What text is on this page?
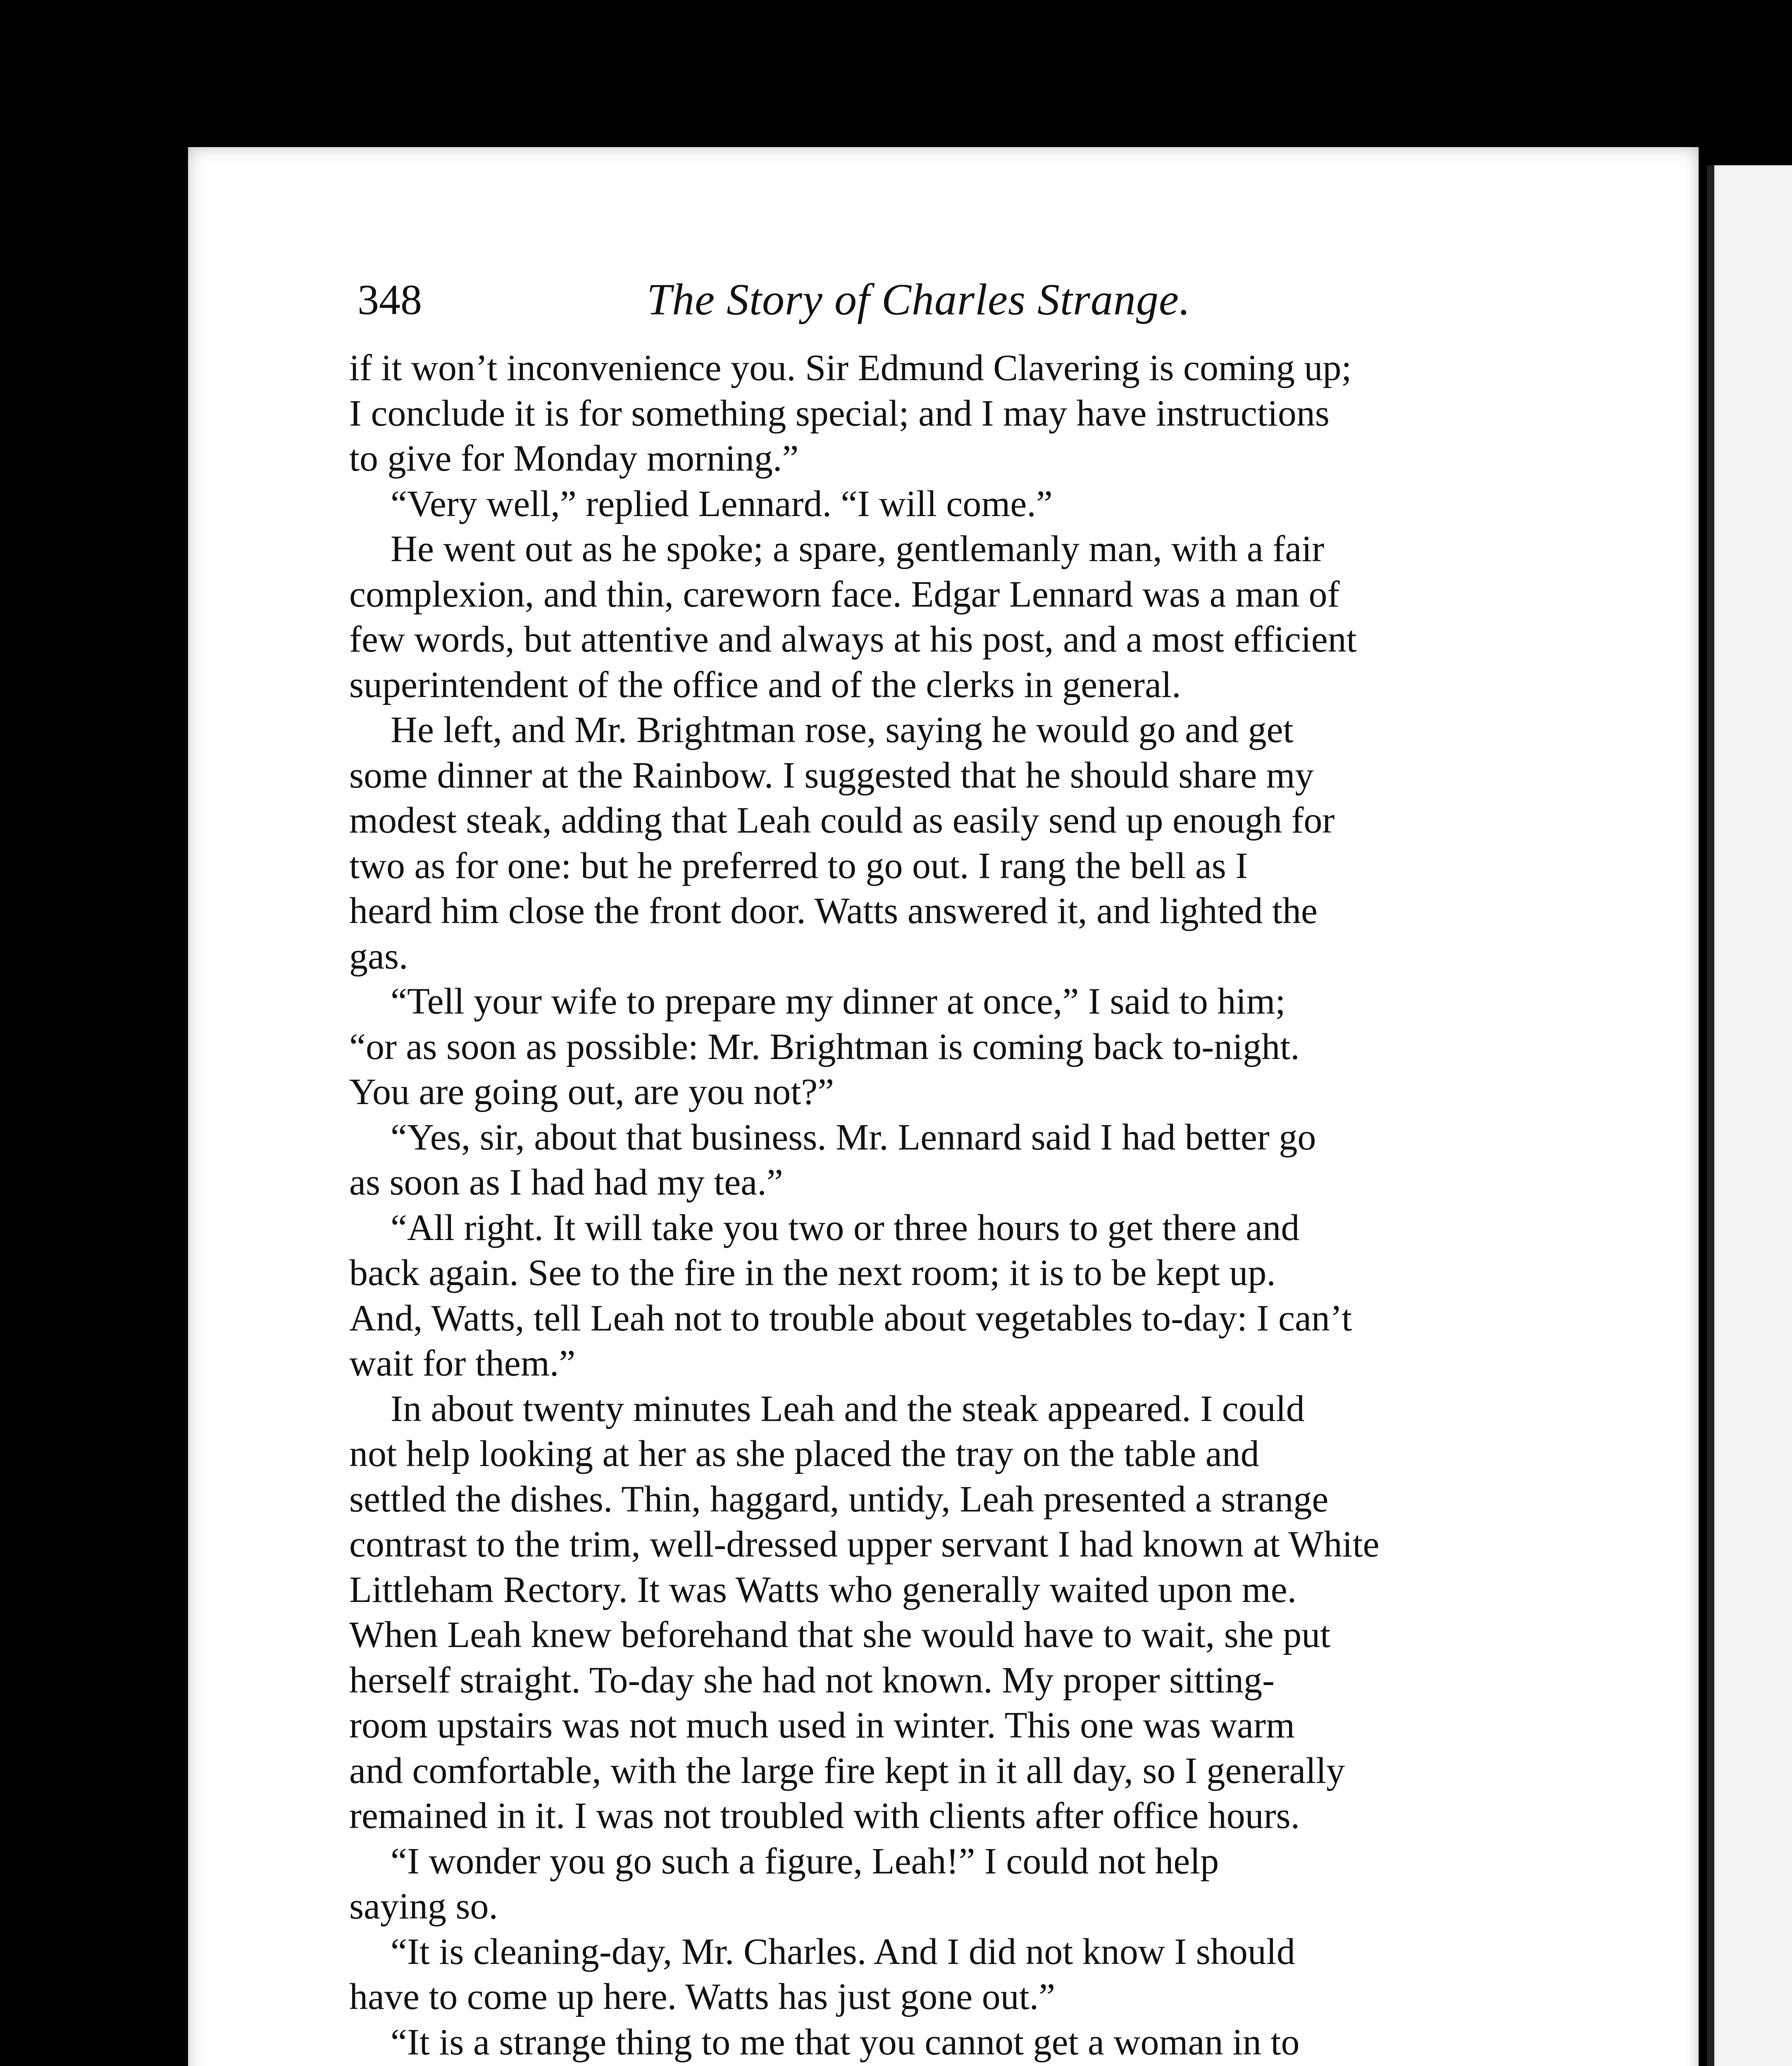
348	The Story of Charles Strange.

if it won’t inconvenience you. Sir Edmund Clavering is coming up;

I conclude it is for something special; and I may have instructions

to give for Monday morning.”

“Very well,” replied Lennard. “I will come.”

He went out as he spoke; a spare, gentlemanly man, with a fair

complexion, and thin, careworn face. Edgar Lennard was a man of

few words, but attentive and always at his post, and a most efficient

superintendent of the office and of the clerks in general.

He left, and Mr. Brightman rose, saying he would go and get

some dinner at the Rainbow. I suggested that he should share my

modest steak, adding that Leah could as easily send up enough for

two as for one: but he preferred to go out. I rang the bell as I

heard him close the front door. Watts answered it, and lighted the

gas.

“Tell your wife to prepare my dinner at once,” I said to him;

“or as soon as possible: Mr. Brightman is coming back to-night.

You are going out, are you not?”

“Yes, sir, about that business. Mr. Lennard said I had better go

as soon as I had had my tea.”

“All right. It will take you two or three hours to get there and

back again. See to the fire in the next room; it is to be kept up.

And, Watts, tell Leah not to trouble about vegetables to-day: I can’t

wait for them.”

In about twenty minutes Leah and the steak appeared. I could

not help looking at her as she placed the tray on the table and

settled the dishes. Thin, haggard, untidy, Leah presented a strange

contrast to the trim, well-dressed upper servant I had known at White

Littleham Rectory. It was Watts who generally waited upon me.

When Leah knew beforehand that she would have to wait, she put

herself straight. To-day she had not known. My proper sitting-

room upstairs was not much used in winter. This one was warm

and comfortable, with the large fire kept in it all day, so I generally

remained in it. I was not troubled with clients after office hours.

“I wonder you go such a figure, Leah!” I could not help

saying so.

“It is cleaning-day, Mr. Charles. And I did not know I should

have to come up here. Watts has just gone out.”

“It is a strange thing to me that you cannot get a woman in to
